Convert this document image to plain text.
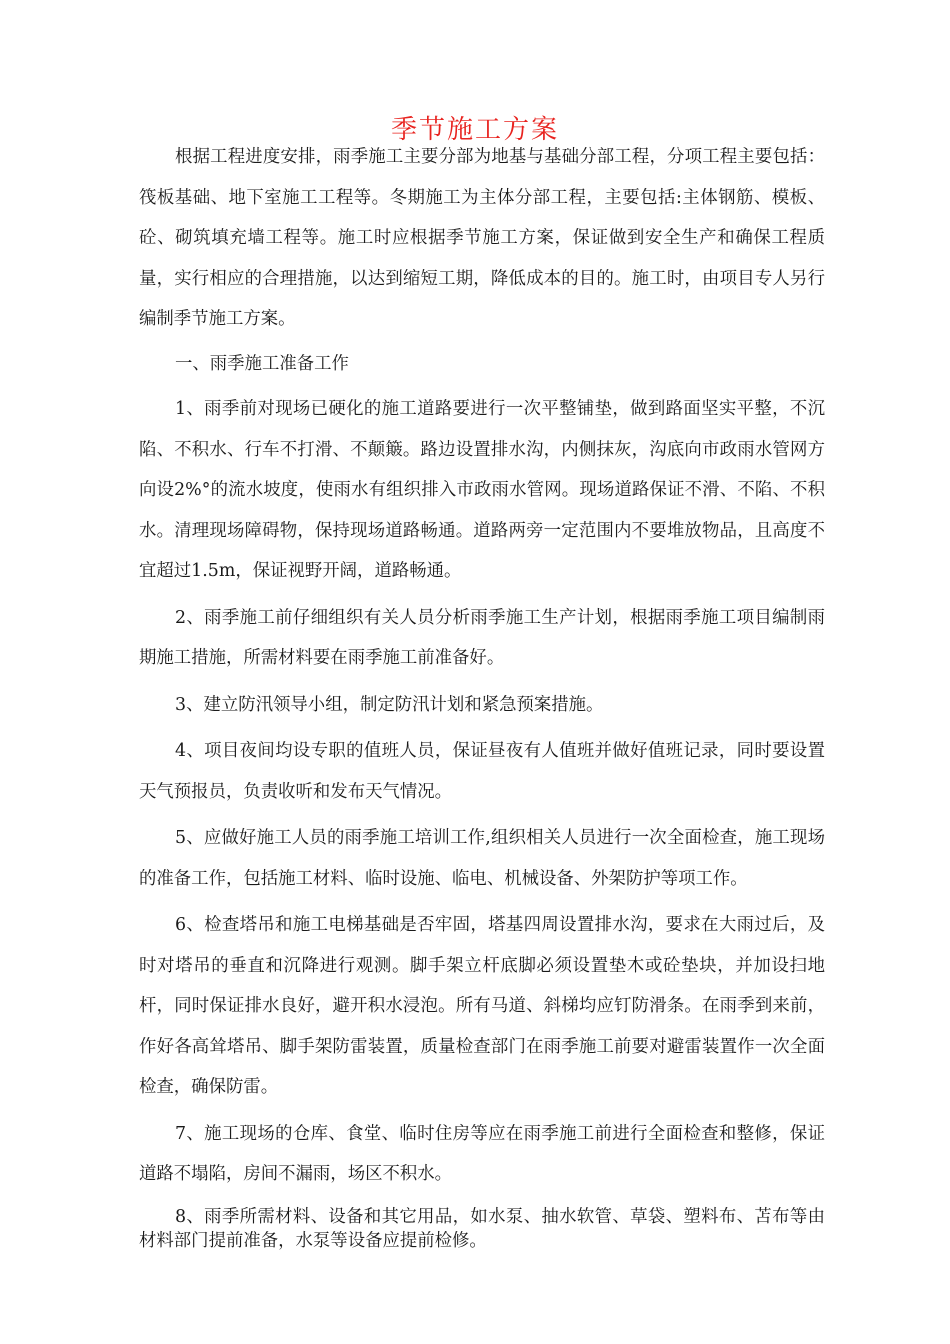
季节施工方案

根据工程进度安排，雨季施工主要分部为地基与基础分部工程，分项工程主要包括：筏板基础、地下室施工工程等。冬期施工为主体分部工程，主要包括:主体钢筋、模板、砼、砌筑填充墙工程等。施工时应根据季节施工方案，保证做到安全生产和确保工程质量，实行相应的合理措施，以达到缩短工期，降低成本的目的。施工时，由项目专人另行编制季节施工方案。

一、雨季施工准备工作

1、雨季前对现场已硬化的施工道路要进行一次平整铺垫，做到路面坚实平整，不沉陷、不积水、行车不打滑、不颠簸。路边设置排水沟，内侧抹灰，沟底向市政雨水管网方向设2%°的流水坡度，使雨水有组织排入市政雨水管网。现场道路保证不滑、不陷、不积水。清理现场障碍物，保持现场道路畅通。道路两旁一定范围内不要堆放物品，且高度不宜超过1.5m，保证视野开阔，道路畅通。

2、雨季施工前仔细组织有关人员分析雨季施工生产计划，根据雨季施工项目编制雨期施工措施，所需材料要在雨季施工前准备好。

3、建立防汛领导小组，制定防汛计划和紧急预案措施。

4、项目夜间均设专职的值班人员，保证昼夜有人值班并做好值班记录，同时要设置天气预报员，负责收听和发布天气情况。

5、应做好施工人员的雨季施工培训工作,组织相关人员进行一次全面检查，施工现场的准备工作，包括施工材料、临时设施、临电、机械设备、外架防护等项工作。

6、检查塔吊和施工电梯基础是否牢固，塔基四周设置排水沟，要求在大雨过后，及时对塔吊的垂直和沉降进行观测。脚手架立杆底脚必须设置垫木或砼垫块，并加设扫地杆，同时保证排水良好，避开积水浸泡。所有马道、斜梯均应钉防滑条。在雨季到来前，作好各高耸塔吊、脚手架防雷装置，质量检查部门在雨季施工前要对避雷装置作一次全面检查，确保防雷。

7、施工现场的仓库、食堂、临时住房等应在雨季施工前进行全面检查和整修，保证道路不塌陷，房间不漏雨，场区不积水。

8、雨季所需材料、设备和其它用品，如水泵、抽水软管、草袋、塑料布、苫布等由材料部门提前准备，水泵等设备应提前检修。
